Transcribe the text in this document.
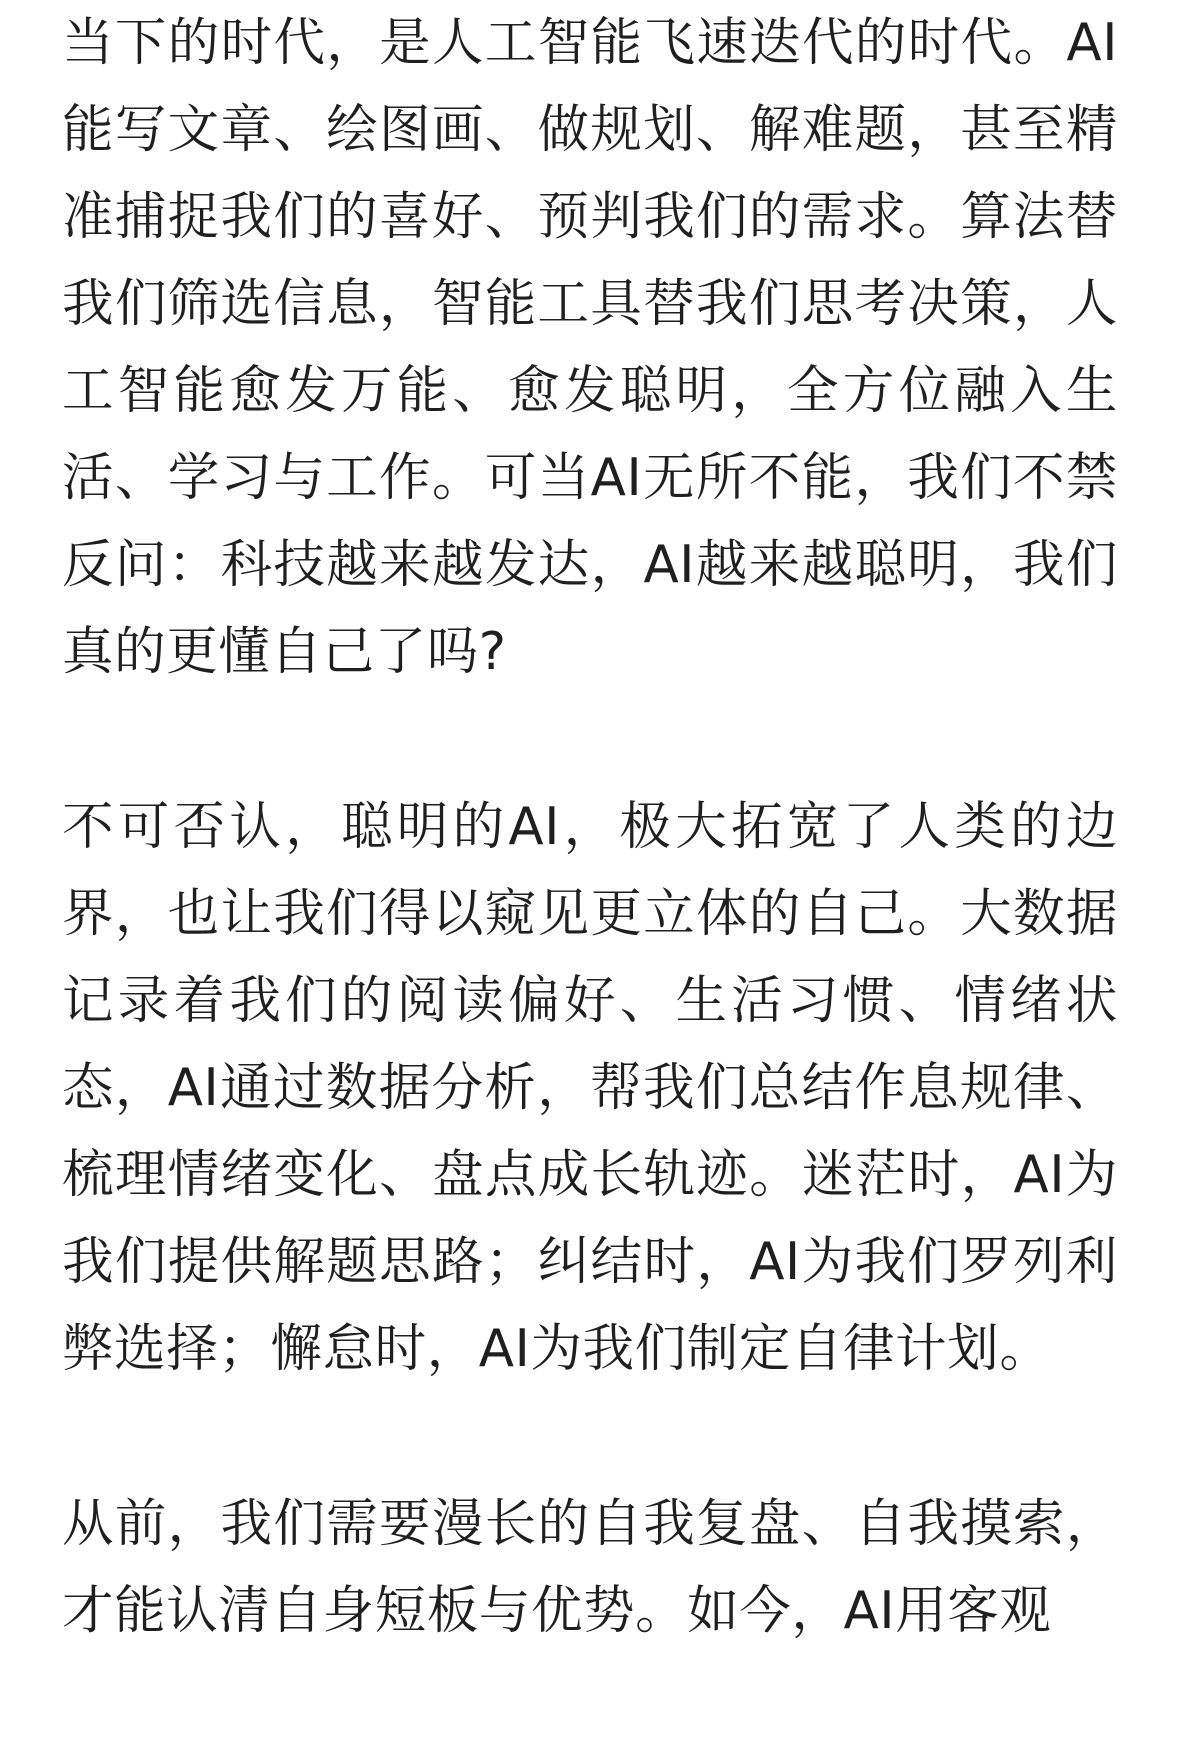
当下的时代，是人工智能飞速迭代的时代。AI能写文章、绘图画、做规划、解难题，甚至精准捕捉我们的喜好、预判我们的需求。算法替我们筛选信息，智能工具替我们思考决策，人工智能愈发万能、愈发聪明，全方位融入生活、学习与工作。可当AI无所不能，我们不禁反问：科技越来越发达，AI越来越聪明，我们真的更懂自己了吗?

不可否认，聪明的AI，极大拓宽了人类的边界，也让我们得以窥见更立体的自己。大数据记录着我们的阅读偏好、生活习惯、情绪状态，AI通过数据分析，帮我们总结作息规律、梳理情绪变化、盘点成长轨迹。迷茫时，AI为我们提供解题思路；纠结时，AI为我们罗列利弊选择；懈怠时，AI为我们制定自律计划。

从前，我们需要漫长的自我复盘、自我摸索，才能认清自身短板与优势。如今，AI用客观
